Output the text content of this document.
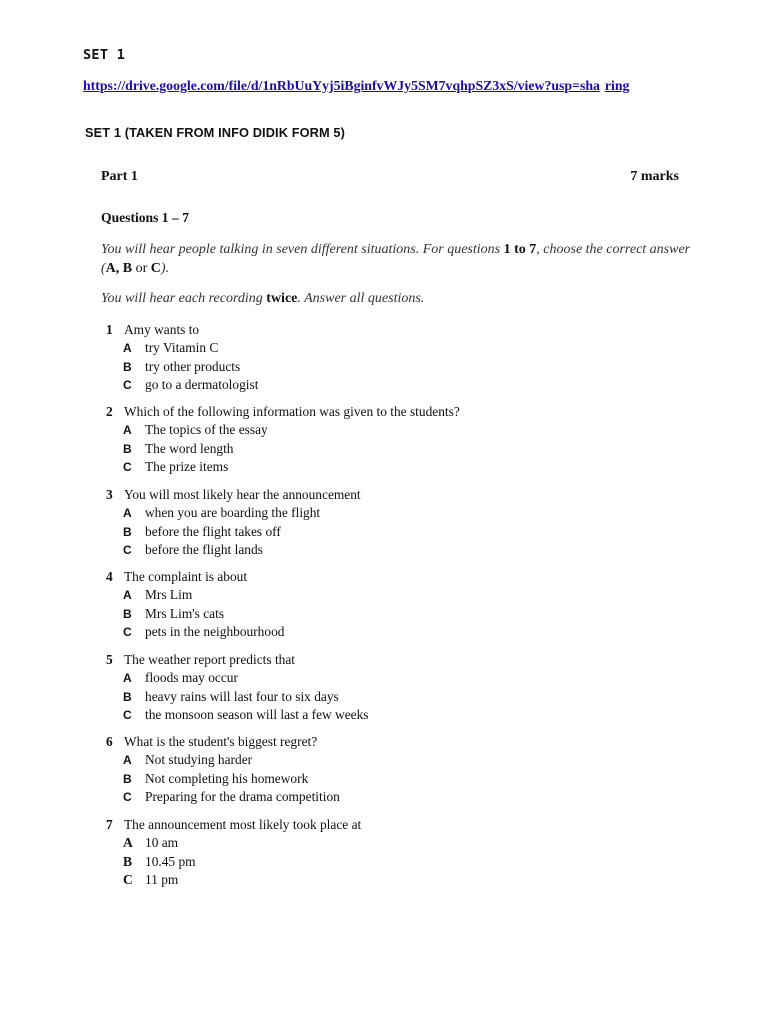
SET 1
https://drive.google.com/file/d/1nRbUuYyj5iBginfvWJy5SM7vqhpSZ3xS/view?usp=sha ring
SET 1 (TAKEN FROM INFO DIDIK FORM 5)
Part 1	7 marks
Questions 1 – 7
You will hear people talking in seven different situations. For questions 1 to 7, choose the correct answer (A, B or C).
You will hear each recording twice. Answer all questions.
1 Amy wants to
A try Vitamin C
B try other products
C go to a dermatologist
2 Which of the following information was given to the students?
A The topics of the essay
B The word length
C The prize items
3 You will most likely hear the announcement
A when you are boarding the flight
B before the flight takes off
C before the flight lands
4 The complaint is about
A Mrs Lim
B Mrs Lim's cats
C pets in the neighbourhood
5 The weather report predicts that
A floods may occur
B heavy rains will last four to six days
C the monsoon season will last a few weeks
6 What is the student's biggest regret?
A Not studying harder
B Not completing his homework
C Preparing for the drama competition
7 The announcement most likely took place at
A 10 am
B 10.45 pm
C 11 pm
